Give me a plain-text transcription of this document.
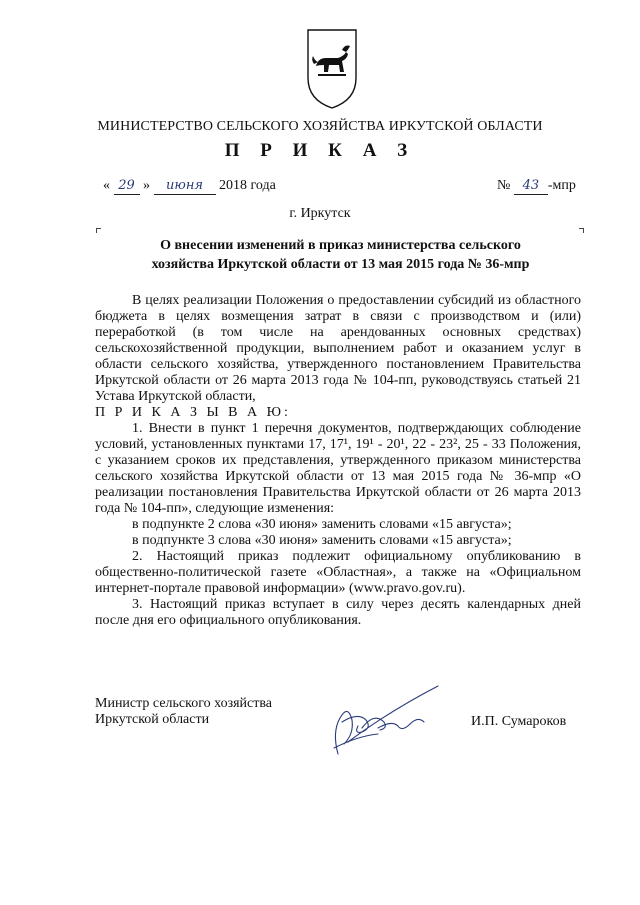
МИНИСТЕРСТВО СЕЛЬСКОГО ХОЗЯЙСТВА ИРКУТСКОЙ ОБЛАСТИ
П Р И К А З
« 29 » июня 2018 года	№ 43 -мпр
г. Иркутск
О внесении изменений в приказ министерства сельского
хозяйства Иркутской области от 13 мая 2015 года № 36-мпр

В целях реализации Положения о предоставлении субсидий из областного бюджета в целях возмещения затрат в связи с производством и (или) переработкой (в том числе на арендованных основных средствах) сельскохозяйственной продукции, выполнением работ и оказанием услуг в области сельского хозяйства, утвержденного постановлением Правительства Иркутской области от 26 марта 2013 года № 104-пп, руководствуясь статьей 21 Устава Иркутской области,

П Р И К А З Ы В А Ю:

1. Внести в пункт 1 перечня документов, подтверждающих соблюдение условий, установленных пунктами 17, 17¹, 19¹ - 20¹, 22 - 23², 25 - 33 Положения, с указанием сроков их представления, утвержденного приказом министерства сельского хозяйства Иркутской области от 13 мая 2015 года № 36-мпр «О реализации постановления Правительства Иркутской области от 26 марта 2013 года № 104-пп», следующие изменения:

в подпункте 2 слова «30 июня» заменить словами «15 августа»;

в подпункте 3 слова «30 июня» заменить словами «15 августа»;

2. Настоящий приказ подлежит официальному опубликованию в общественно-политической газете «Областная», а также на «Официальном интернет-портале правовой информации» (www.pravo.gov.ru).

3. Настоящий приказ вступает в силу через десять календарных дней после дня его официального опубликования.

Министр сельского хозяйства
Иркутской области	И.П. Сумароков
